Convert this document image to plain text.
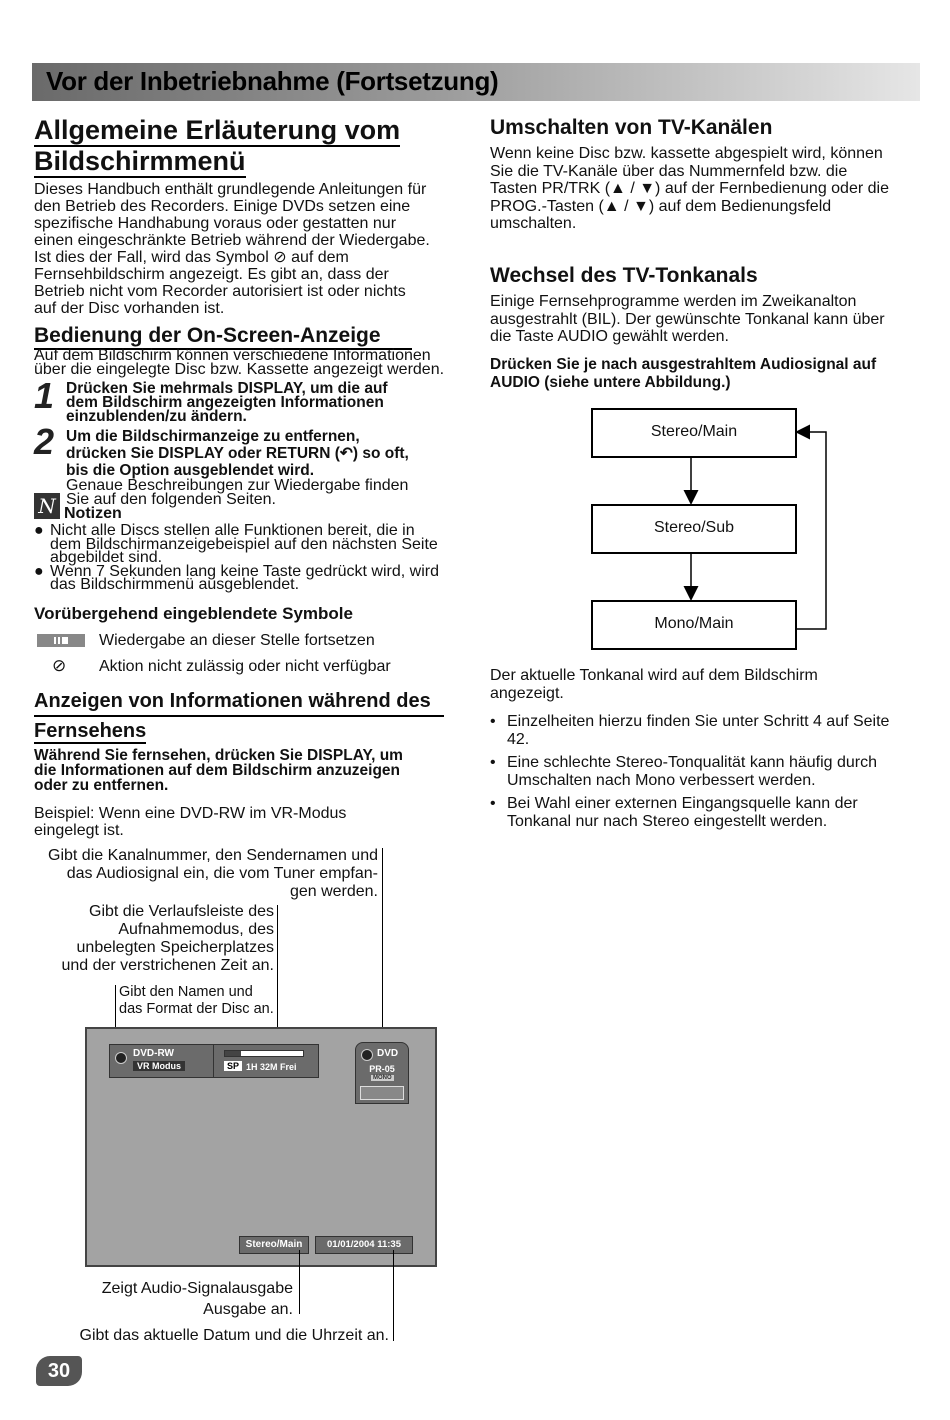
Vor der Inbetriebnahme (Fortsetzung)
Allgemeine Erläuterung vom
Bildschirmmenü
Dieses Handbuch enthält grundlegende Anleitungen für
den Betrieb des Recorders. Einige DVDs setzen eine
spezifische Handhabung voraus oder gestatten nur
einen eingeschränkte Betrieb während der Wiedergabe.
Ist dies der Fall, wird das Symbol ⊘ auf dem
Fernsehbildschirm angezeigt. Es gibt an, dass der
Betrieb nicht vom Recorder autorisiert ist oder nichts
auf der Disc vorhanden ist.
Bedienung der On-Screen-Anzeige
Auf dem Bildschirm können verschiedene Informationen
über die eingelegte Disc bzw. Kassette angezeigt werden.
1 Drücken Sie mehrmals DISPLAY, um die auf
dem Bildschirm angezeigten Informationen
einzublenden/zu ändern.
2 Um die Bildschirmanzeige zu entfernen,
drücken Sie DISPLAY oder RETURN (↶) so oft,
bis die Option ausgeblendet wird.
Genaue Beschreibungen zur Wiedergabe finden
Sie auf den folgenden Seiten.
N Notizen
● Nicht alle Discs stellen alle Funktionen bereit, die in
dem Bildschirmanzeigebeispiel auf den nächsten Seite
abgebildet sind.
● Wenn 7 Sekunden lang keine Taste gedrückt wird, wird
das Bildschirmmenü ausgeblendet.
Vorübergehend eingeblendete Symbole
Wiedergabe an dieser Stelle fortsetzen
⊘ Aktion nicht zulässig oder nicht verfügbar
Anzeigen von Informationen während des
Fernsehens
Während Sie fernsehen, drücken Sie DISPLAY, um
die Informationen auf dem Bildschirm anzuzeigen
oder zu entfernen.
Beispiel: Wenn eine DVD-RW im VR-Modus
eingelegt ist.
Gibt die Kanalnummer, den Sendernamen und
das Audiosignal ein, die vom Tuner empfan-
gen werden.
Gibt die Verlaufsleiste des
Aufnahmemodus, des
unbelegten Speicherplatzes
und der verstrichenen Zeit an.
Gibt den Namen und
das Format der Disc an.
DVD-RW
VR Modus	SP 1H 32M Frei
DVD
PR-05
MONO
Stereo/Main	01/01/2004 11:35
Zeigt Audio-Signalausgabe
Ausgabe an.
Gibt das aktuelle Datum und die Uhrzeit an.
30
Umschalten von TV-Kanälen
Wenn keine Disc bzw. kassette abgespielt wird, können
Sie die TV-Kanäle über das Nummernfeld bzw. die
Tasten PR/TRK (▲ / ▼) auf der Fernbedienung oder die
PROG.-Tasten (▲ / ▼) auf dem Bedienungsfeld
umschalten.
Wechsel des TV-Tonkanals
Einige Fernsehprogramme werden im Zweikanalton
ausgestrahlt (BIL). Der gewünschte Tonkanal kann über
die Taste AUDIO gewählt werden.
Drücken Sie je nach ausgestrahltem Audiosignal auf
AUDIO (siehe untere Abbildung.)
Stereo/Main
Stereo/Sub
Mono/Main
Der aktuelle Tonkanal wird auf dem Bildschirm
angezeigt.
• Einzelheiten hierzu finden Sie unter Schritt 4 auf Seite
42.
• Eine schlechte Stereo-Tonqualität kann häufig durch
Umschalten nach Mono verbessert werden.
• Bei Wahl einer externen Eingangsquelle kann der
Tonkanal nur nach Stereo eingestellt werden.
